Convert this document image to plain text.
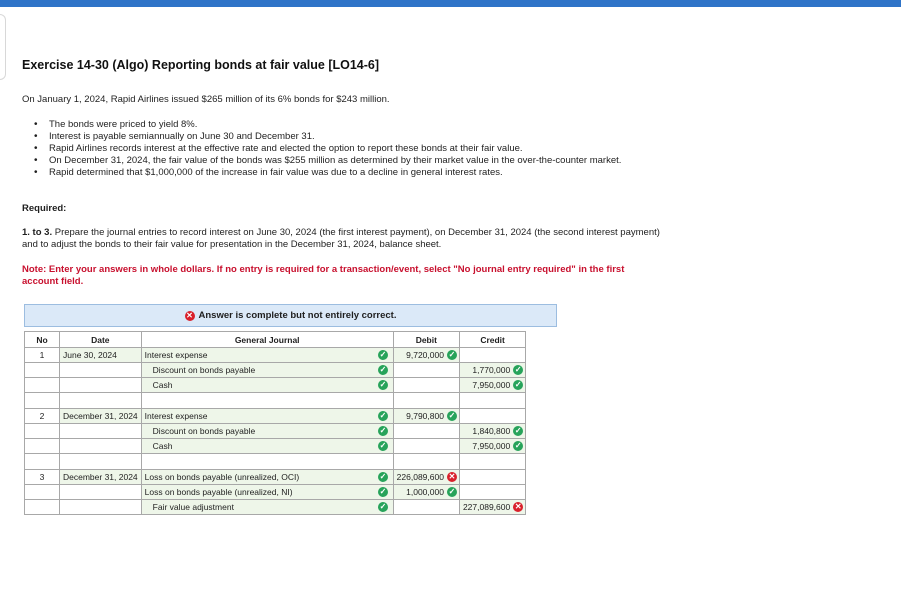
Exercise 14-30 (Algo) Reporting bonds at fair value [LO14-6]

On January 1, 2024, Rapid Airlines issued $265 million of its 6% bonds for $243 million.

• The bonds were priced to yield 8%.
• Interest is payable semiannually on June 30 and December 31.
• Rapid Airlines records interest at the effective rate and elected the option to report these bonds at their fair value.
• On December 31, 2024, the fair value of the bonds was $255 million as determined by their market value in the over-the-counter market.
• Rapid determined that $1,000,000 of the increase in fair value was due to a decline in general interest rates.

Required:

1. to 3. Prepare the journal entries to record interest on June 30, 2024 (the first interest payment), on December 31, 2024 (the second interest payment) and to adjust the bonds to their fair value for presentation in the December 31, 2024, balance sheet.

Note: Enter your answers in whole dollars. If no entry is required for a transaction/event, select "No journal entry required" in the first account field.

✕ Answer is complete but not entirely correct.
No	Date	General Journal		Debit	Credit
1	June 30, 2024	Interest expense	✓	9,720,000 ✓	

		Discount on bonds payable	✓		1,770,000 ✓

		Cash	✓		7,950,000 ✓

2	December 31, 2024	Interest expense	✓	9,790,800 ✓	

		Discount on bonds payable	✓		1,840,800 ✓

		Cash	✓		7,950,000 ✓

3	December 31, 2024	Loss on bonds payable (unrealized, OCI)	✓	226,089,600 ✕	

		Loss on bonds payable (unrealized, NI)	✓	1,000,000 ✓	

		Fair value adjustment	✓		227,089,600 ✕
